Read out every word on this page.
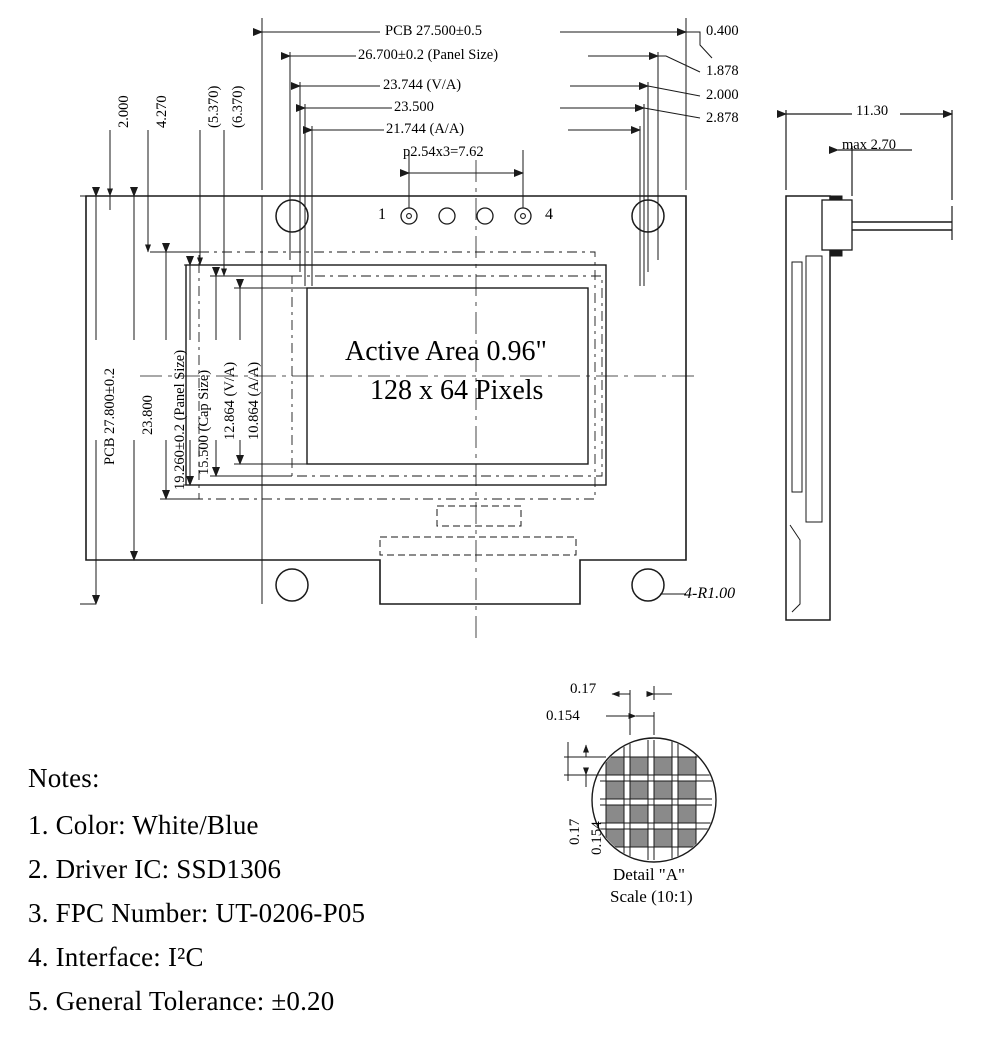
PCB 27.500±0.5
26.700±0.2 (Panel Size)
23.744 (V/A)
23.500
21.744 (A/A)
p2.54x3=7.62
0.400
1.878
2.000
2.878
2.000 4.270 (5.370) (6.370)
PCB 27.800±0.2 23.800 19.260±0.2 (Panel Size) 15.500 (Cap Size) 12.864 (V/A) 10.864 (A/A)
1	4
Active Area 0.96"
128 x 64 Pixels
4-R1.00
11.30
max 2.70
0.17
0.154
0.17 0.154
Detail "A"
Scale (10:1)
Notes:
1. Color: White/Blue
2. Driver IC: SSD1306
3. FPC Number: UT-0206-P05
4. Interface: I²C
5. General Tolerance: ±0.20
